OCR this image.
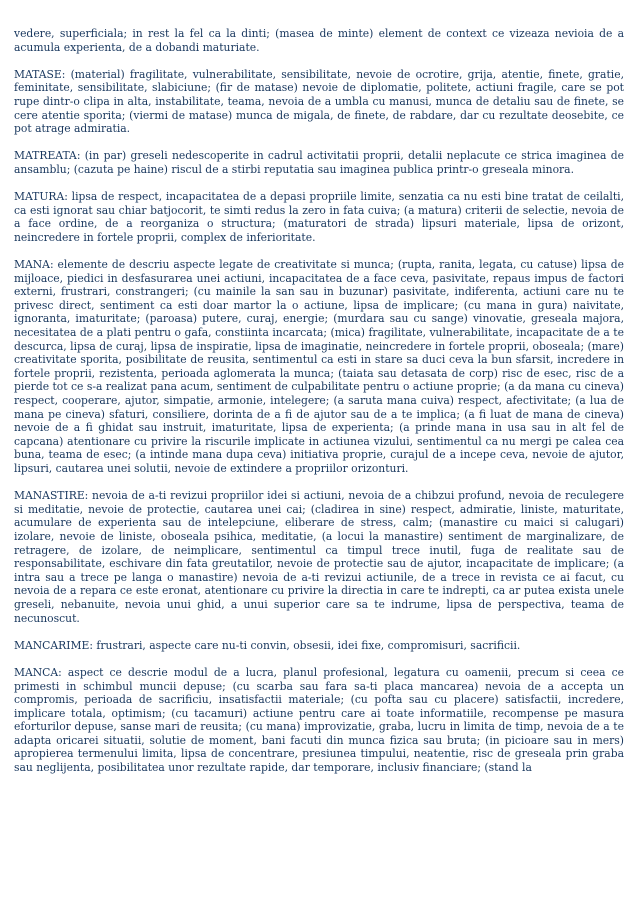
vedere, superficiala; in rest la fel ca la dinti; (masea de minte) element de context ce vizeaza nevioia de a acumula experienta, de a dobandi maturiate.

MATASE: (material) fragilitate, vulnerabilitate, sensibilitate, nevoie de ocrotire, grija, atentie, finete, gratie, feminitate, sensibilitate, slabiciune; (fir de matase) nevoie de diplomatie, politete, actiuni fragile, care se pot rupe dintr-o clipa in alta, instabilitate, teama, nevoia de a umbla cu manusi, munca de detaliu sau de finete, se cere atentie sporita; (viermi de matase) munca de migala, de finete, de rabdare, dar cu rezultate deosebite, ce pot atrage admiratia.

MATREATA: (in par) greseli nedescoperite in cadrul activitatii proprii, detalii neplacute ce strica imaginea de ansamblu; (cazuta pe haine) riscul de a stirbi reputatia sau imaginea publica printr-o greseala minora.

MATURA: lipsa de respect, incapacitatea de a depasi propriile limite, senzatia ca nu esti bine tratat de ceilalti, ca esti ignorat sau chiar batjocorit, te simti redus la zero in fata cuiva; (a matura) criterii de selectie, nevoia de a face ordine, de a reorganiza o structura; (maturatori de strada) lipsuri materiale, lipsa de orizont, neincredere in fortele proprii, complex de inferioritate.

MANA: elemente de descriu aspecte legate de creativitate si munca; (rupta, ranita, legata, cu catuse) lipsa de mijloace, piedici in desfasurarea unei actiuni, incapacitatea de a face ceva, pasivitate, repaus impus de factori externi, frustrari, constrangeri; (cu mainile la san sau in buzunar) pasivitate, indiferenta, actiuni care nu te privesc direct, sentiment ca esti doar martor la o actiune, lipsa de implicare; (cu mana in gura) naivitate, ignoranta, imaturitate; (paroasa) putere, curaj, energie; (murdara sau cu sange) vinovatie, greseala majora, necesitatea de a plati pentru o gafa, constiinta incarcata; (mica) fragilitate, vulnerabilitate, incapacitate de a te descurca, lipsa de curaj, lipsa de inspiratie, lipsa de imaginatie, neincredere in fortele proprii, oboseala; (mare) creativitate sporita, posibilitate de reusita, sentimentul ca esti in stare sa duci ceva la bun sfarsit, incredere in fortele proprii, rezistenta, perioada aglomerata la munca; (taiata sau detasata de corp) risc de esec, risc de a pierde tot ce s-a realizat pana acum, sentiment de culpabilitate pentru o actiune proprie; (a da mana cu cineva) respect, cooperare, ajutor, simpatie, armonie, intelegere; (a saruta mana cuiva) respect, afectivitate; (a lua de mana pe cineva) sfaturi, consiliere, dorinta de a fi de ajutor sau de a te implica; (a fi luat de mana de cineva) nevoie de a fi ghidat sau instruit, imaturitate, lipsa de experienta; (a prinde mana in usa sau in alt fel de capcana) atentionare cu privire la riscurile implicate in actiunea vizului, sentimentul ca nu mergi pe calea cea buna, teama de esec; (a intinde mana dupa ceva) initiativa proprie, curajul de a incepe ceva, nevoie de ajutor, lipsuri, cautarea unei solutii, nevoie de extindere a propriilor orizonturi.

MANASTIRE: nevoia de a-ti revizui propriilor idei si actiuni, nevoia de a chibzui profund, nevoia de reculegere si meditatie, nevoie de protectie, cautarea unei cai; (cladirea in sine) respect, admiratie, liniste, maturitate, acumulare de experienta sau de intelepciune, eliberare de stress, calm; (manastire cu maici si calugari) izolare, nevoie de liniste, oboseala psihica, meditatie, (a locui la manastire) sentiment de marginalizare, de retragere, de izolare, de neimplicare, sentimentul ca timpul trece inutil, fuga de realitate sau de responsabilitate, eschivare din fata greutatilor, nevoie de protectie sau de ajutor, incapacitate de implicare; (a intra sau a trece pe langa o manastire) nevoia de a-ti revizui actiunile, de a trece in revista ce ai facut, cu nevoia de a repara ce este eronat, atentionare cu privire la directia in care te indrepti, ca ar putea exista unele greseli, nebanuite, nevoia unui ghid, a unui superior care sa te indrume, lipsa de perspectiva, teama de necunoscut.

MANCARIME: frustrari, aspecte care nu-ti convin, obsesii, idei fixe, compromisuri, sacrificii.

MANCA: aspect ce descrie modul de a lucra, planul profesional, legatura cu oamenii, precum si ceea ce primesti in schimbul muncii depuse; (cu scarba sau fara sa-ti placa mancarea) nevoia de a accepta un compromis, perioada de sacrificiu, insatisfactii materiale; (cu pofta sau cu placere) satisfactii, incredere, implicare totala, optimism; (cu tacamuri) actiune pentru care ai toate informatiile, recompense pe masura eforturilor depuse, sanse mari de reusita; (cu mana) improvizatie, graba, lucru in limita de timp, nevoia de a te adapta oricarei situatii, solutie de moment, bani facuti din munca fizica sau bruta; (in picioare sau in mers) apropierea termenului limita, lipsa de concentrare, presiunea timpului, neatentie, risc de greseala prin graba sau neglijenta, posibilitatea unor rezultate rapide, dar temporare, inclusiv financiare; (stand la
